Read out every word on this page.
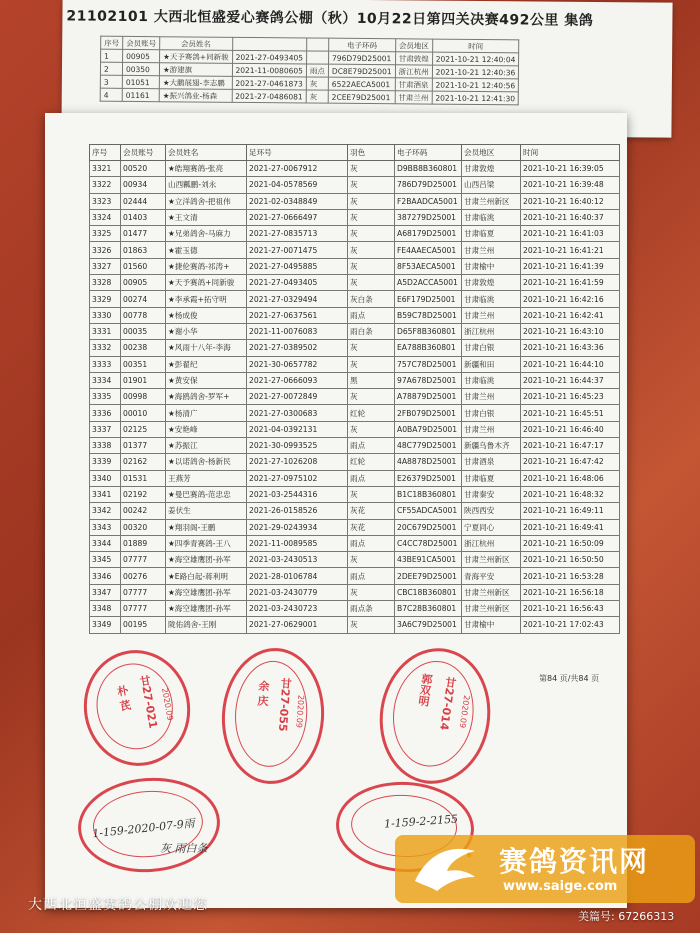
21102101 大西北恒盛爱心赛鸽公棚（秋）10月22日第四关决赛492公里 集鸽
序号	会员账号	会员姓名			电子环码	会员地区	时间
1	00905	★天予赛鸽+同新骏	2021-27-0493405		796D79D25001	甘肃敦煌	2021-10-21 12:40:04
2	00350	★游建旗	2021-11-0080605	雨点	DC8E79D25001	浙江杭州	2021-10-21 12:40:36
3	01051	★大鹏展翅-李志鹏	2021-27-0461873	灰	6522AECA5001	甘肃酒泉	2021-10-21 12:40:56
4	01161	★振兴鸽业-杨森	2021-27-0486081	灰	2CEE79D25001	甘肃兰州	2021-10-21 12:41:30
序号	会员账号	会员姓名	足环号	羽色	电子环码	会员地区	时间
3321	00520	★皓翔赛鸽-张亮	2021-27-0067912	灰	D9BB8B360801	甘肃敦煌	2021-10-21 16:39:05
3322	00934	山西瓤鹏-刘永	2021-04-0578569	灰	786D79D25001	山西吕梁	2021-10-21 16:39:48
3323	02444	★立洋鸽舍-把祖伟	2021-02-0348849	灰	F2BAADCA5001	甘肃兰州新区	2021-10-21 16:40:12
3324	01403	★王文清	2021-27-0666497	灰	387279D25001	甘肃临洮	2021-10-21 16:40:37
3325	01477	★兄弟鸽舍-马麻力	2021-27-0835713	灰	A68179D25001	甘肃临夏	2021-10-21 16:41:03
3326	01863	★霍玉德	2021-27-0071475	灰	FE4AAECA5001	甘肃兰州	2021-10-21 16:41:21
3327	01560	★捷伦赛鸽-祁涛+	2021-27-0495885	灰	8F53AECA5001	甘肃榆中	2021-10-21 16:41:39
3328	00905	★天予赛鸽+同新骏	2021-27-0493405	灰	A5D2ACCA5001	甘肃敦煌	2021-10-21 16:41:59
3329	00274	★李承霞+拓守明	2021-27-0329494	灰白条	E6F179D25001	甘肃临洮	2021-10-21 16:42:16
3330	00778	★杨成俊	2021-27-0637561	雨点	B59C78D25001	甘肃兰州	2021-10-21 16:42:41
3331	00035	★谢小华	2021-11-0076083	雨白条	D65F8B360801	浙江杭州	2021-10-21 16:43:10
3332	00238	★风雨十八年-李海	2021-27-0389502	灰	EA788B360801	甘肃白银	2021-10-21 16:43:36
3333	00351	★彭翟纪	2021-30-0657782	灰	757C78D25001	新疆和田	2021-10-21 16:44:10
3334	01901	★黄安保	2021-27-0666093	黑	97A678D25001	甘肃临洮	2021-10-21 16:44:37
3335	00998	★海鸥鸽舍-罗军+	2021-27-0072849	灰	A78879D25001	甘肃兰州	2021-10-21 16:45:23
3336	00010	★杨清广	2021-27-0300683	红轮	2FB079D25001	甘肃白银	2021-10-21 16:45:51
3337	02125	★安艳峰	2021-04-0392131	灰	A0BA79D25001	甘肃兰州	2021-10-21 16:46:40
3338	01377	★苏振江	2021-30-0993525	雨点	48C779D25001	新疆乌鲁木齐	2021-10-21 16:47:17
3339	02162	★以诺鸽舍-杨新民	2021-27-1026208	红轮	4A8878D25001	甘肃酒泉	2021-10-21 16:47:42
3340	01531	王燕芳	2021-27-0975102	雨点	E26379D25001	甘肃临夏	2021-10-21 16:48:06
3341	02192	★曼巴赛鸽-范忠忠	2021-03-2544316	灰	B1C18B360801	甘肃秦安	2021-10-21 16:48:32
3342	00242	姜伏生	2021-26-0158526	灰花	CF55ADCA5001	陕西西安	2021-10-21 16:49:11
3343	00320	★翔羽阁-王鹏	2021-29-0243934	灰花	20C679D25001	宁夏同心	2021-10-21 16:49:41
3344	01889	★四季青赛鸽-王八	2021-11-0089585	雨点	C4CC78D25001	浙江杭州	2021-10-21 16:50:09
3345	07777	★海空雄鹰团-孙军	2021-03-2430513	灰	43BE91CA5001	甘肃兰州新区	2021-10-21 16:50:50
3346	00276	★E路白起-蒋利明	2021-28-0106784	雨点	2DEE79D25001	青海平安	2021-10-21 16:53:28
3347	07777	★海空雄鹰团-孙军	2021-03-2430779	灰	CBC18B360801	甘肃兰州新区	2021-10-21 16:56:18
3348	07777	★海空雄鹰团-孙军	2021-03-2430723	雨点条	B7C28B360801	甘肃兰州新区	2021-10-21 16:56:43
3349	00195	陇佑鸽舍-王刚	2021-27-0629001	灰	3A6C79D25001	甘肃榆中	2021-10-21 17:02:43
第84 页/共84 页
朴 芪 甘27-021 2020.09	余 庆 甘27-055 2020.09
郭双明 甘27-014 2020.09
1-159-2020-07-9雨
灰 雨白条
1-159-2-2155
大西北恒盛赛鸽公棚欢迎您
赛鸽资讯网
www.saige.com
美篇号: 67266313
